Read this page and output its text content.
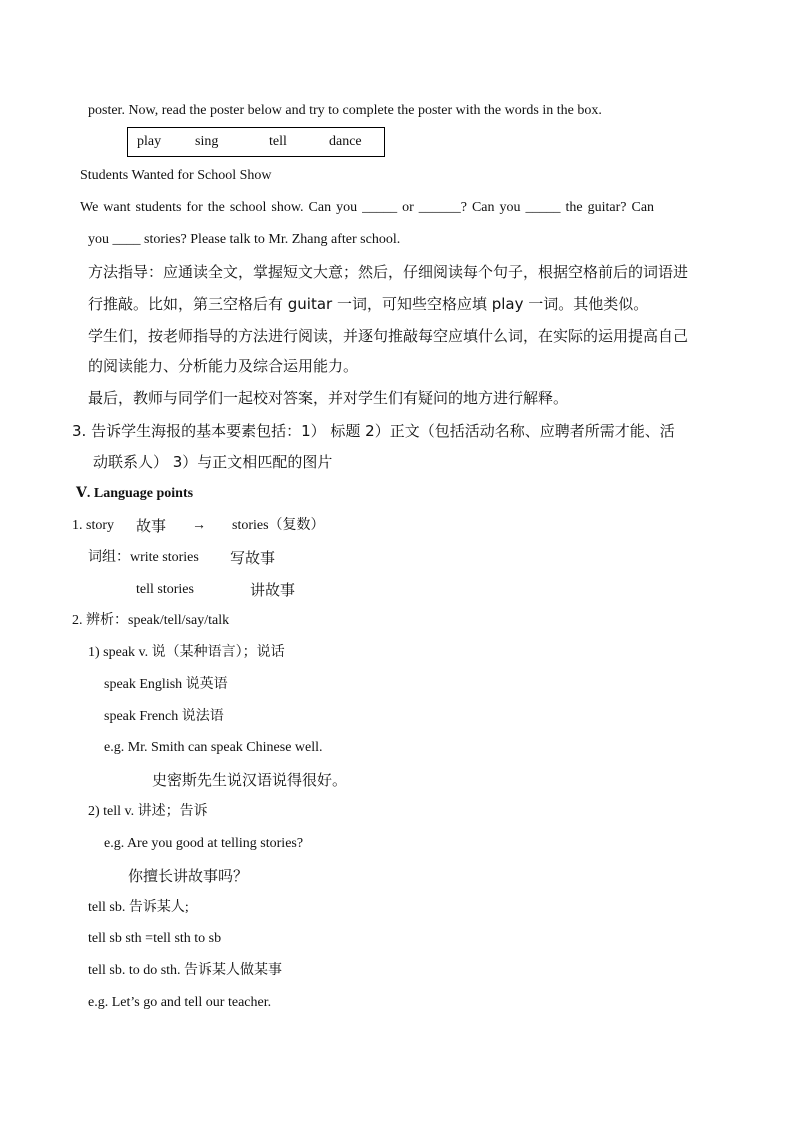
poster. Now, read the poster below and try to complete the poster with the words in the box.
play sing	tell	dance
Students Wanted for School Show
We want students for the school show. Can you _____ or ______? Can you _____ the guitar? Can
you ____ stories? Please talk to Mr. Zhang after school.
方法指导：应通读全文，掌握短文大意；然后，仔细阅读每个句子，根据空格前后的词语进
行推敲。比如，第三空格后有 guitar 一词，可知些空格应填 play 一词。其他类似。
学生们，按老师指导的方法进行阅读，并逐句推敲每空应填什么词，在实际的运用提高自己
的阅读能力、分析能力及综合运用能力。
最后，教师与同学们一起校对答案，并对学生们有疑问的地方进行解释。
3. 告诉学生海报的基本要素包括：1） 标题 2）正文（包括活动名称、应聘者所需才能、活
动联系人） 3）与正文相匹配的图片
Ⅴ. Language points
1. story 故事 → stories（复数）
词组：write stories 写故事
tell stories	讲故事
2. 辨析：speak/tell/say/talk
1) speak v. 说（某种语言）；说话
speak English 说英语
speak French 说法语
e.g. Mr. Smith can speak Chinese well.
史密斯先生说汉语说得很好。
2) tell v. 讲述；告诉
e.g. Are you good at telling stories?
你擅长讲故事吗？
tell sb. 告诉某人;
tell sb sth =tell sth to sb
tell sb. to do sth. 告诉某人做某事
e.g. Let’s go and tell our teacher.
